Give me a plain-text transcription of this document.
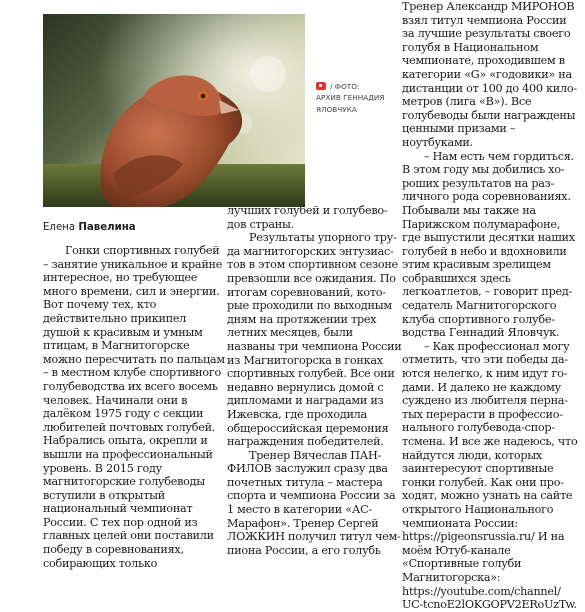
/ ФОТО:
АРХИВ ГЕННАДИЯ
ЯЛОВЧУКА
Елена Павелина

Гонки спортивных голубей – занятие уникальное и крайне интересное, но требующее много времени, сил и энергии. Вот почему тех, кто действительно прикипел душой к красивым и умным птицам, в Магнитогорске можно пересчитать по пальцам – в местном клубе спортивного голубеводства их всего восемь человек. Начинали они в далёком 1975 году с секции любителей почтовых голубей. Набрались опыта, окрепли и вышли на профессиональный уровень. В 2015 году магнитогорские голубеводы вступили в открытый национальный чемпионат России. С тех пор одной из главных целей они поставили победу в соревнованиях, собирающих только

лучших голубей и голубеводов страны.

Результаты упорного труда магнитогорских энтузиастов в этом спортивном сезоне превзошли все ожидания. По итогам соревнований, которые проходили по выходным дням на протяжении трех летних месяцев, были названы три чемпиона России из Магнитогорска в гонках спортивных голубей. Все они недавно вернулись домой с дипломами и наградами из Ижевска, где проходила общероссийская церемония награждения победителей.

Тренер Вячеслав ПАНФИЛОВ заслужил сразу два почетных титула – мастера спорта и чемпиона России за 1 место в категории «АС-Марафон». Тренер Сергей ЛОЖКИН получил титул чемпиона России, а его голубь

Тренер Александр МИРОНОВ взял титул чемпиона России за лучшие результаты своего голубя в Национальном чемпионате, проходившем в категории «G» «годовики» на дистанции от 100 до 400 километров (лига «B»). Все голубеводы были награждены ценными призами – ноутбуками.

– Нам есть чем гордиться. В этом году мы добились хороших результатов на различного рода соревнованиях. Побывали мы также на Парижском полумарафоне, где выпустили десятки наших голубей в небо и вдохновили этим красивым зрелищем собравшихся здесь легкоатлетов, – говорит председатель Магнитогорского клуба спортивного голубеводства Геннадий Яловчук.

– Как профессионал могу отметить, что эти победы даются нелегко, к ним идут годами. И далеко не каждому суждено из любителя пернатых перерасти в профессионального голубевода-спортсмена. И все же надеюсь, что найдутся люди, которых заинтересуют спортивные гонки голубей. Как они проходят, можно узнать на сайте открытого Национального чемпионата России: https://pigeonsrussia.ru/ И на моём Ютуб-канале «Спортивные голуби Магнитогорска»: https://youtube.com/channel/ UC-tcnoE2lOKGOPV2ERoUzTw.
